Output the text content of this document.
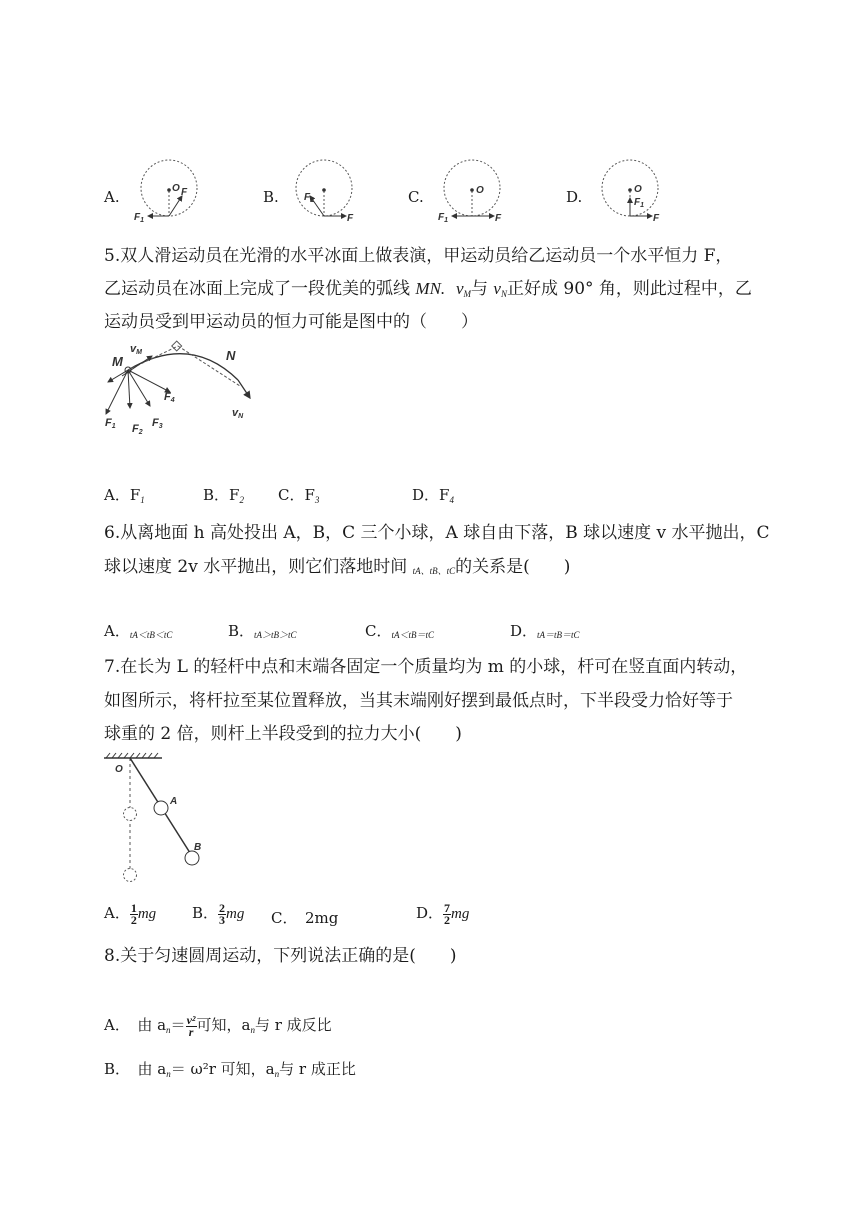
A.	B.	C.	D.
O F
$F_1$
$F_1$
F
O
$F_1$	F
O
$F_1$
F
5.双人滑运动员在光滑的水平冰面上做表演，甲运动员给乙运动员一个水平恒力 F，
乙运动员在冰面上完成了一段优美的弧线 MN. $v_M$与 $v_N$正好成 90° 角，则此过程中，乙
运动员受到甲运动员的恒力可能是图中的（　　）
vM
M	N
vN
F1 F2
F3
F4
A．$F_1$	B．$F_2$ C．$F_3$	D．$F_4$
6.从离地面 h 高处投出 A，B，C 三个小球，A 球自由下落，B 球以速度 v 水平抛出，C
球以速度 2v 水平抛出，则它们落地时间 tA、tB、tC的关系是(　　)
A．tA＜tB＜tC	B．tA＞tB＞tC	C．tA＜tB＝tC	D．tA＝tB＝tC
7.在长为 L 的轻杆中点和末端各固定一个质量均为 m 的小球，杆可在竖直面内转动，
如图所示，将杆拉至某位置释放，当其末端刚好摆到最低点时，下半段受力恰好等于
球重的 2 倍，则杆上半段受到的拉力大小(　　)
O
A
B
A． $\frac{1}{2}$ mg B． $\frac{2}{3}$ mg C．　2mg	D． $\frac{7}{2}$ mg
8.关于匀速圆周运动，下列说法正确的是(　　)
A．　由 $a_n= \frac{\text{v²}}{r}$ 可知，$a_n$与 r 成反比
B．　由 $a_n= \omega^2r$ 可知，$a_n$与 r 成正比
